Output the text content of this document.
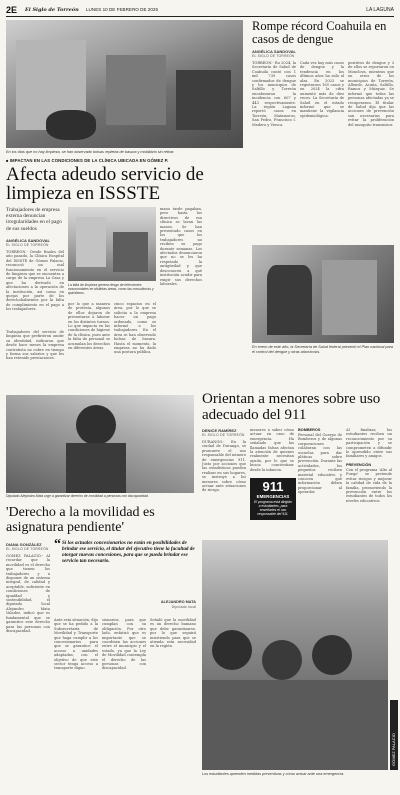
2E El Siglo de Torreón LUNES 10 DE FEBRERO DE 2025	LA LAGUNA
En los días que no hay limpieza, se han observado bolsas repletas de basura y mobiliario sin retirar.
Rompe récord Coahuila en casos de dengue
ANGÉLICA SANDOVAL
EL SIGLO DE TORREÓN
TORREÓN.- En 2024, la Secretaría de Salud de Coahuila contó con 1 mil 739 casos confirmados de dengue y los municipios de Saltillo y Torreón encabezaron la incidencia con 607 y 443 respectivamente. La región Laguna reportó casos en Torreón, Matamoros, San Pedro, Francisco I. Madero y Viesca.
Cada vez hay más casos de dengue y la tendencia en los últimos años ha sido al alza. En 2023 se registraron 165 casos y en 2024 la cifra aumentó más de diez veces. La Secretaría de Salud en el estado informó que se mantiene la vigilancia epidemiológica.
positivos de dengue y 3 de ellos se reportaron en Monclova, mientras que en otros de los municipios de Torreón, Allende, Acuña, Saltillo, Ramos y Múzquiz. Se informó que todas las personas afectadas ya se recuperaron. El titular de Salud dijo que las acciones de prevención son necesarias para evitar la proliferación del mosquito transmisor.
■ IMPACTAN EN LAS CONDICIONES DE LA CLÍNICA UBICADA EN GÓMEZ P.
Afecta adeudo servicio de limpieza en ISSSTE
Trabajadores de empresa externa denuncian irregularidades en el pago de sus sueldos
ANGÉLICA SANDOVAL
EL SIGLO DE TORREÓN
TORREÓN.- Desde finales del año pasado, la Clínica Hospital del ISSSTE de Gómez Palacio, reconoció un mal funcionamiento en el servicio de limpieza que se encuentra a cargo de la empresa La Casa y que ha derivado en afectaciones a la operación de la institución, así como en quejas por parte de los derechohabientes por la falta de cumplimiento en el pago a los trabajadores.
Trabajadores del servicio de limpieza que prefirieron omitir su identidad, indicaron que desde hace meses la empresa contratista no cubre en tiempo y forma sus salarios y que les han retenido prestaciones.
La falta de limpieza genera riesgo de infecciones nosocomiales en distintas áreas, como las consultorías y quirófanos.
por lo que a manera de protesta, algunos de ellos dejaron de presentarse a laborar en los distintos turnos. Lo que impacta en las condiciones de higiene de la clínica, pues ante la falta de personal se acumulan los desechos en diferentes áreas.
cinco espacios en el área, por lo que se solicita a la empresa hacer un pago ordenado, como se informó a los trabajadores. En el área se han observado bolsas de basura. Hasta el momento, la empresa no ha dado una postura pública.
mano tarde pagaban, pero hasta los directivos de esa clínica se lavan las manos. Se han presentado casos en los que los trabajadores no reciben su pago durante semanas. Los afectados denunciaron que no se les ha respetado la antigüedad y que desconocen a qué institución acudir para exigir sus derechos laborales.
En enero de este año, la Secretaría de Salud federal presentó el Plan nacional para el control del dengue y otras arbovirosis.
Orientan a menores sobre uso adecuado del 911
Diputado Alejandro Mata urge a garantizar derecho de movilidad a personas con discapacidad.
DENICE RAMÍREZ
EL SIGLO DE TORREÓN
DURANGO.- En la ciudad de Durango, se promueve el uso responsable del número de emergencias 911. Justo por acciones que las estadísticas pueden realizar en sus hogares, se instruye a los menores sobre cómo actuar ante situaciones de riesgo.
menores a saber cómo actuar en caso de emergencia. Ha señalado que las llamadas falsas afectan la atención de quienes realmente necesitan ayuda, por lo que se busca concientizar desde la infancia.
911
EMERGENCIAS
El programa está dirigido a estudiantes, para enseñarles el uso responsable del 911.
BOMBEROS
Personal del Cuerpo de Bomberos y de algunas corporaciones colaboran con las escuelas para dar pláticas sobre prevención. Durante las actividades, los pequeños reciben material educativo y conocen qué información deben proporcionar al operador.
Al finalizar, los estudiantes reciben un reconocimiento por su participación y se comprometen a difundir lo aprendido entre sus familiares y amigos.
PREVENCIÓN
Con el programa 'Alto al Fuego' se pretende evitar riesgos y mejorar la calidad de vida de la familia, promoviendo la prevención entre los estudiantes de todos los niveles educativos.
Los estudiantes aprenden medidas preventivas y cómo actuar ante una emergencia.
GÓMEZ PALACIO
'Derecho a la movilidad es asignatura pendiente'
DIANA GONZÁLEZ
EL SIGLO DE TORREÓN
GÓMEZ PALACIO.- Al recordar que la movilidad es el derecho que tienen los trabajadores y a disponer de un sistema integral, de calidad y aceptable, suficiente en condiciones de igualdad y sostenibilidad, el diputado local Alejandro Mata Valadez, indicó que es fundamental que se garantice este derecho para las personas con discapacidad.
“ Si los actuales concesionarios no están en posibilidades de brindar ese servicio, el titular del ejecutivo tiene la facultad de otorgar nuevas concesiones, para que se pueda brindar ese servicio tan necesario.
ALEJANDRO MATA
Diputado local
Ante esta situación, dijo que se ha pedido a la Subsecretaría de Movilidad y Transporte que haga cumplir a los concesionarios para que se garantice el acceso a unidades adaptadas, con el objetivo de que este sector tenga acceso a transporte digno.
sionarios, para que cumplan con su obligación. Por otro lado, enfatizó que es importante que se coordinen las acciones entre el municipio y el estado, ya que la Ley de Movilidad contempla el derecho de las personas con discapacidad.
Señaló que la movilidad es un derecho humano que debe garantizarse, por lo que seguirá insistiendo para que se atienda esta necesidad en la región.
